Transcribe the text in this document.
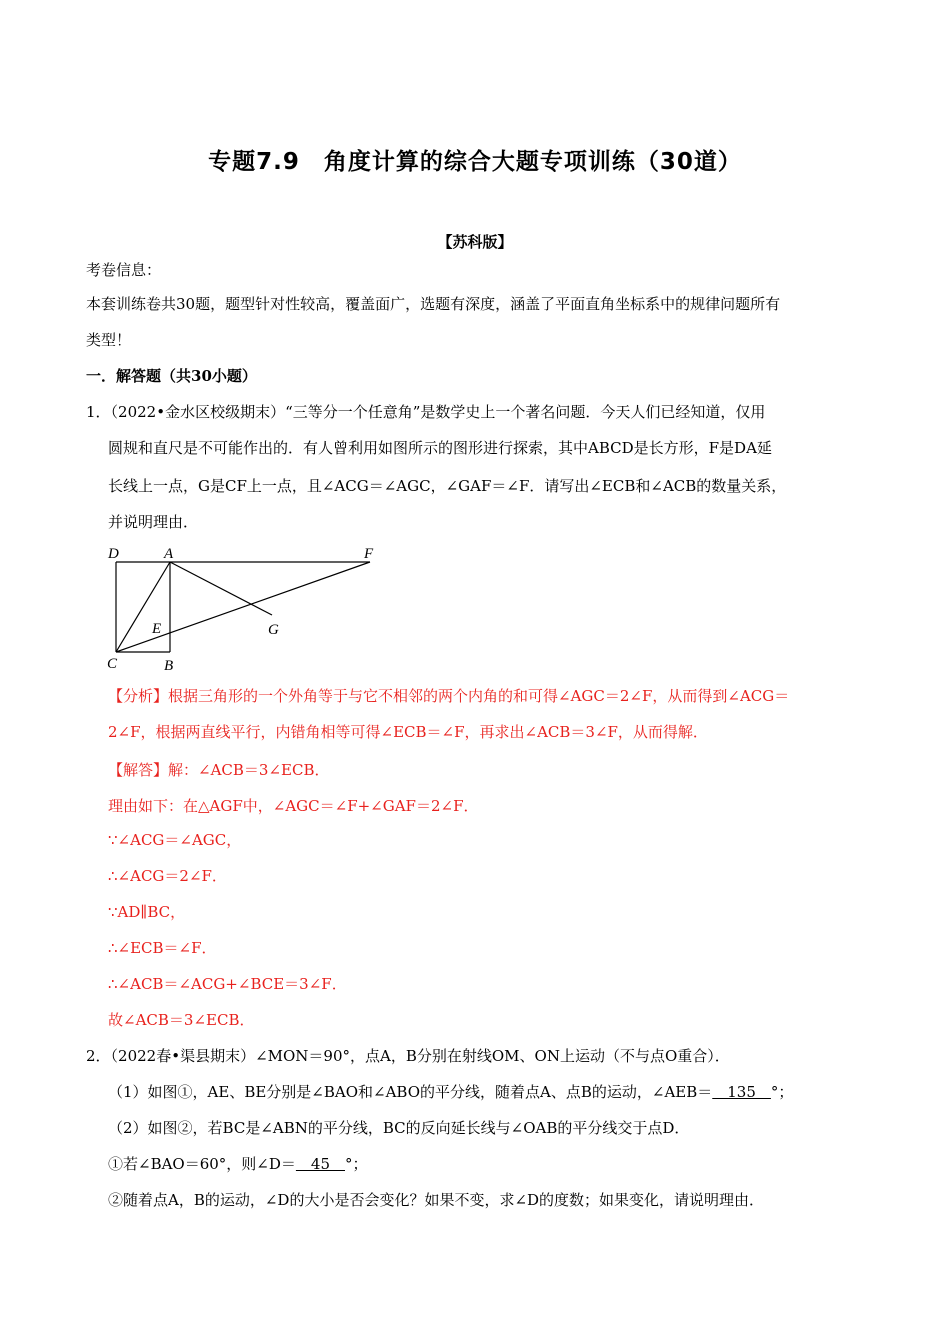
专题7.9　角度计算的综合大题专项训练（30道）
【苏科版】
考卷信息：
本套训练卷共30题，题型针对性较高，覆盖面广，选题有深度，涵盖了平面直角坐标系中的规律问题所有
类型！
一．解答题（共30小题）
1．（2022•金水区校级期末）“三等分一个任意角”是数学史上一个著名问题．今天人们已经知道，仅用
圆规和直尺是不可能作出的．有人曾利用如图所示的图形进行探索，其中ABCD是长方形，F是DA延
长线上一点，G是CF上一点，且∠ACG＝∠AGC，∠GAF＝∠F．请写出∠ECB和∠ACB的数量关系，
并说明理由．
D	A	F
G
E
C	B
【分析】根据三角形的一个外角等于与它不相邻的两个内角的和可得∠AGC＝2∠F，从而得到∠ACG＝
2∠F，根据两直线平行，内错角相等可得∠ECB＝∠F，再求出∠ACB＝3∠F，从而得解．
【解答】解：∠ACB＝3∠ECB．
理由如下：在△AGF中，∠AGC＝∠F+∠GAF＝2∠F．
∵∠ACG＝∠AGC，
∴∠ACG＝2∠F．
∵AD∥BC，
∴∠ECB＝∠F．
∴∠ACB＝∠ACG+∠BCE＝3∠F．
故∠ACB＝3∠ECB．
2．（2022春•渠县期末）∠MON＝90°，点A，B分别在射线OM、ON上运动（不与点O重合）．
（1）如图①，AE、BE分别是∠BAO和∠ABO的平分线，随着点A、点B的运动，∠AEB＝　135　°；
（2）如图②，若BC是∠ABN的平分线，BC的反向延长线与∠OAB的平分线交于点D．
①若∠BAO＝60°，则∠D＝　45　°；
②随着点A，B的运动，∠D的大小是否会变化？如果不变，求∠D的度数；如果变化，请说明理由．
